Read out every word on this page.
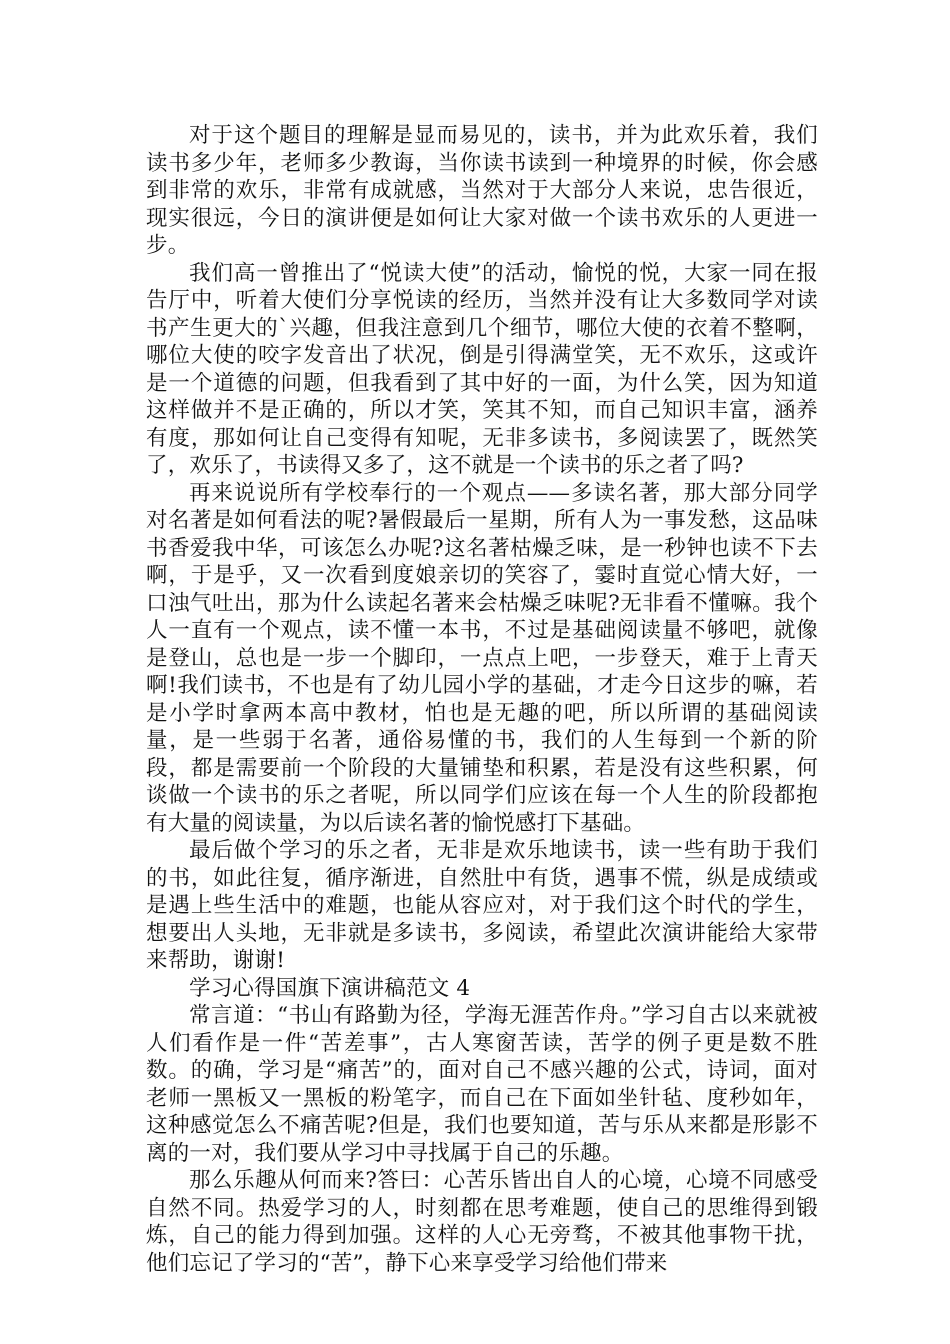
对于这个题目的理解是显而易见的，读书，并为此欢乐着，我们读书多少年，老师多少教诲，当你读书读到一种境界的时候，你会感到非常的欢乐，非常有成就感，当然对于大部分人来说，忠告很近，现实很远，今日的演讲便是如何让大家对做一个读书欢乐的人更进一步。

我们高一曾推出了“悦读大使”的活动，愉悦的悦，大家一同在报告厅中，听着大使们分享悦读的经历，当然并没有让大多数同学对读书产生更大的`兴趣，但我注意到几个细节，哪位大使的衣着不整啊，哪位大使的咬字发音出了状况，倒是引得满堂笑，无不欢乐，这或许是一个道德的问题，但我看到了其中好的一面，为什么笑，因为知道这样做并不是正确的，所以才笑，笑其不知，而自己知识丰富，涵养有度，那如何让自己变得有知呢，无非多读书，多阅读罢了，既然笑了，欢乐了，书读得又多了，这不就是一个读书的乐之者了吗?

再来说说所有学校奉行的一个观点——多读名著，那大部分同学对名著是如何看法的呢?暑假最后一星期，所有人为一事发愁，这品味书香爱我中华，可该怎么办呢?这名著枯燥乏味，是一秒钟也读不下去啊，于是乎，又一次看到度娘亲切的笑容了，霎时直觉心情大好，一口浊气吐出，那为什么读起名著来会枯燥乏味呢?无非看不懂嘛。我个人一直有一个观点，读不懂一本书，不过是基础阅读量不够吧，就像是登山，总也是一步一个脚印，一点点上吧，一步登天，难于上青天啊!我们读书，不也是有了幼儿园小学的基础，才走今日这步的嘛，若是小学时拿两本高中教材，怕也是无趣的吧，所以所谓的基础阅读量，是一些弱于名著，通俗易懂的书，我们的人生每到一个新的阶段，都是需要前一个阶段的大量铺垫和积累，若是没有这些积累，何谈做一个读书的乐之者呢，所以同学们应该在每一个人生的阶段都抱有大量的阅读量，为以后读名著的愉悦感打下基础。

最后做个学习的乐之者，无非是欢乐地读书，读一些有助于我们的书，如此往复，循序渐进，自然肚中有货，遇事不慌，纵是成绩或是遇上些生活中的难题，也能从容应对，对于我们这个时代的学生，想要出人头地，无非就是多读书，多阅读，希望此次演讲能给大家带来帮助，谢谢!

学习心得国旗下演讲稿范文 4

常言道：“书山有路勤为径，学海无涯苦作舟。”学习自古以来就被人们看作是一件“苦差事”，古人寒窗苦读，苦学的例子更是数不胜数。的确，学习是“痛苦”的，面对自己不感兴趣的公式，诗词，面对老师一黑板又一黑板的粉笔字，而自己在下面如坐针毡、度秒如年，这种感觉怎么不痛苦呢?但是，我们也要知道，苦与乐从来都是形影不离的一对，我们要从学习中寻找属于自己的乐趣。

那么乐趣从何而来?答曰：心苦乐皆出自人的心境，心境不同感受自然不同。热爱学习的人，时刻都在思考难题，使自己的思维得到锻炼，自己的能力得到加强。这样的人心无旁骛，不被其他事物干扰，他们忘记了学习的“苦”，静下心来享受学习给他们带来
